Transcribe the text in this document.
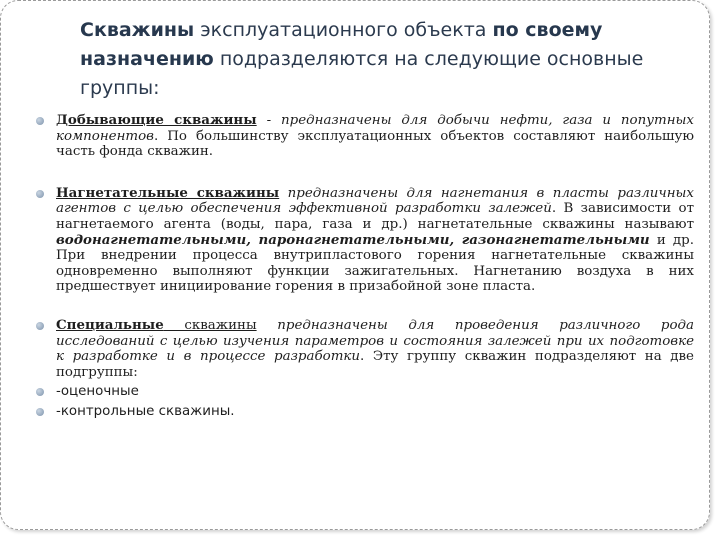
Скважины эксплуатационного объекта по своему назначению подразделяются на следующие основные группы:
Добывающие скважины - предназначены для добычи нефти, газа и попутных компонентов. По большинству эксплуатационных объектов составляют наибольшую часть фонда скважин.
Нагнетательные скважины предназначены для нагнетания в пласты различных агентов с целью обеспечения эффективной разработки залежей. В зависимости от нагнетаемого агента (воды, пара, газа и др.) нагнетательные скважины называют водонагнетательными, паронагнетательными, газонагнетательными и др. При внедрении процесса внутрипластового горения нагнетательные скважины одновременно выполняют функции зажигательных. Нагнетанию воздуха в них предшествует инициирование горения в призабойной зоне пласта.
Специальные скважины предназначены для проведения различного рода исследований с целью изучения параметров и состояния залежей при их подготовке к разработке и в процессе разработки. Эту группу скважин подразделяют на две подгруппы:
-оценочные
-контрольные скважины.
